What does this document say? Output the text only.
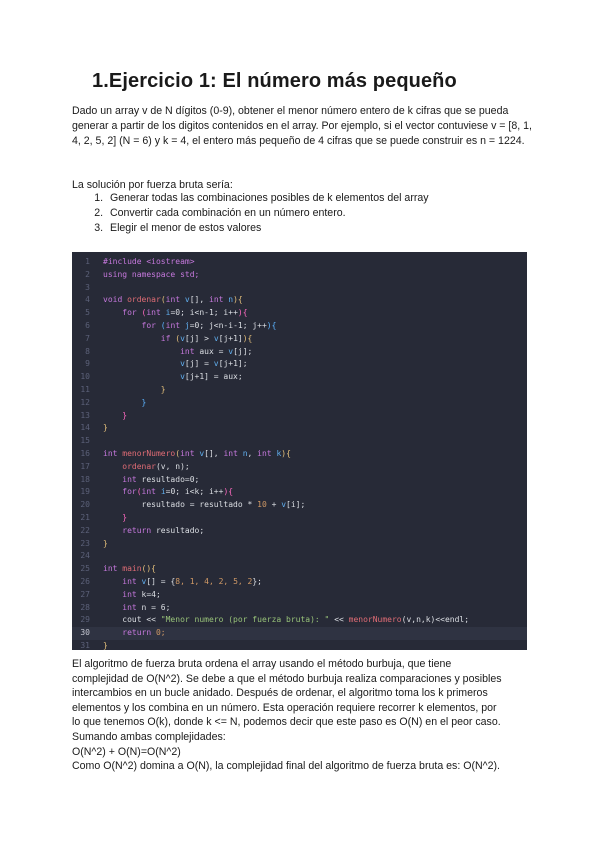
1.Ejercicio 1: El número más pequeño

Dado un array v de N dígitos (0-9), obtener el menor número entero de k cifras que se pueda generar a partir de los digitos contenidos en el array. Por ejemplo, si el vector contuviese v = [8, 1, 4, 2, 5, 2] (N = 6) y k = 4, el entero más pequeño de 4 cifras que se puede construir es n = 1224.

La solución por fuerza bruta sería:

1. Generar todas las combinaciones posibles de k elementos del array
2. Convertir cada combinación en un número entero.
3. Elegir el menor de estos valores
1 #include <iostream>
2 using namespace std;
3
4 void ordenar(int v[], int n){
5 for (int i=0; i<n-1; i++){
6 for (int j=0; j<n-i-1; j++){
7 if (v[j] > v[j+1]){
8 int aux = v[j];
9 v[j] = v[j+1];
10 v[j+1] = aux;
11 }
12 }
13 }
14 }
15
16 int menorNumero(int v[], int n, int k){
17 ordenar(v, n);
18 int resultado=0;
19 for(int i=0; i<k; i++){
20 resultado = resultado * 10 + v[i];
21 }
22 return resultado;
23 }
24
25 int main(){
26 int v[] = {8, 1, 4, 2, 5, 2};
27 int k=4;
28 int n = 6;
29 cout << "Menor numero (por fuerza bruta): " << menorNumero(v,n,k)<<endl;
30 return 0;
31 }
El algoritmo de fuerza bruta ordena el array usando el método burbuja, que tiene
complejidad de O(N^2). Se debe a que el método burbuja realiza comparaciones y posibles
intercambios en un bucle anidado. Después de ordenar, el algoritmo toma los k primeros
elementos y los combina en un número. Esta operación requiere recorrer k elementos, por
lo que tenemos O(k), donde k <= N, podemos decir que este paso es O(N) en el peor caso.
Sumando ambas complejidades:
O(N^2) + O(N)=O(N^2)
Como O(N^2) domina a O(N), la complejidad final del algoritmo de fuerza bruta es: O(N^2).
